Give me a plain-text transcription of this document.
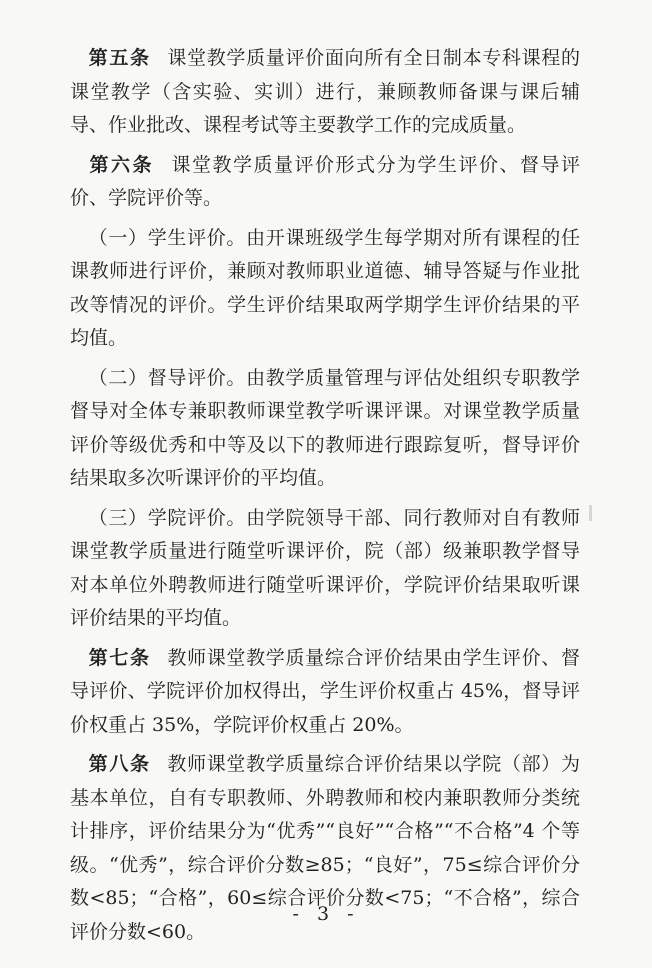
第五条 课堂教学质量评价面向所有全日制本专科课程的课堂教学（含实验、实训）进行，兼顾教师备课与课后辅导、作业批改、课程考试等主要教学工作的完成质量。

第六条 课堂教学质量评价形式分为学生评价、督导评价、学院评价等。

（一）学生评价。由开课班级学生每学期对所有课程的任课教师进行评价，兼顾对教师职业道德、辅导答疑与作业批改等情况的评价。学生评价结果取两学期学生评价结果的平均值。

（二）督导评价。由教学质量管理与评估处组织专职教学督导对全体专兼职教师课堂教学听课评课。对课堂教学质量评价等级优秀和中等及以下的教师进行跟踪复听，督导评价结果取多次听课评价的平均值。

（三）学院评价。由学院领导干部、同行教师对自有教师课堂教学质量进行随堂听课评价，院（部）级兼职教学督导对本单位外聘教师进行随堂听课评价，学院评价结果取听课评价结果的平均值。

第七条 教师课堂教学质量综合评价结果由学生评价、督导评价、学院评价加权得出，学生评价权重占 45%，督导评价权重占 35%，学院评价权重占 20%。

第八条 教师课堂教学质量综合评价结果以学院（部）为基本单位，自有专职教师、外聘教师和校内兼职教师分类统计排序，评价结果分为“优秀”“良好”“合格”“不合格”4 个等级。“优秀”，综合评价分数≥85；“良好”，75≤综合评价分数<85；“合格”，60≤综合评价分数<75；“不合格”，综合评价分数<60。

- 3 -
